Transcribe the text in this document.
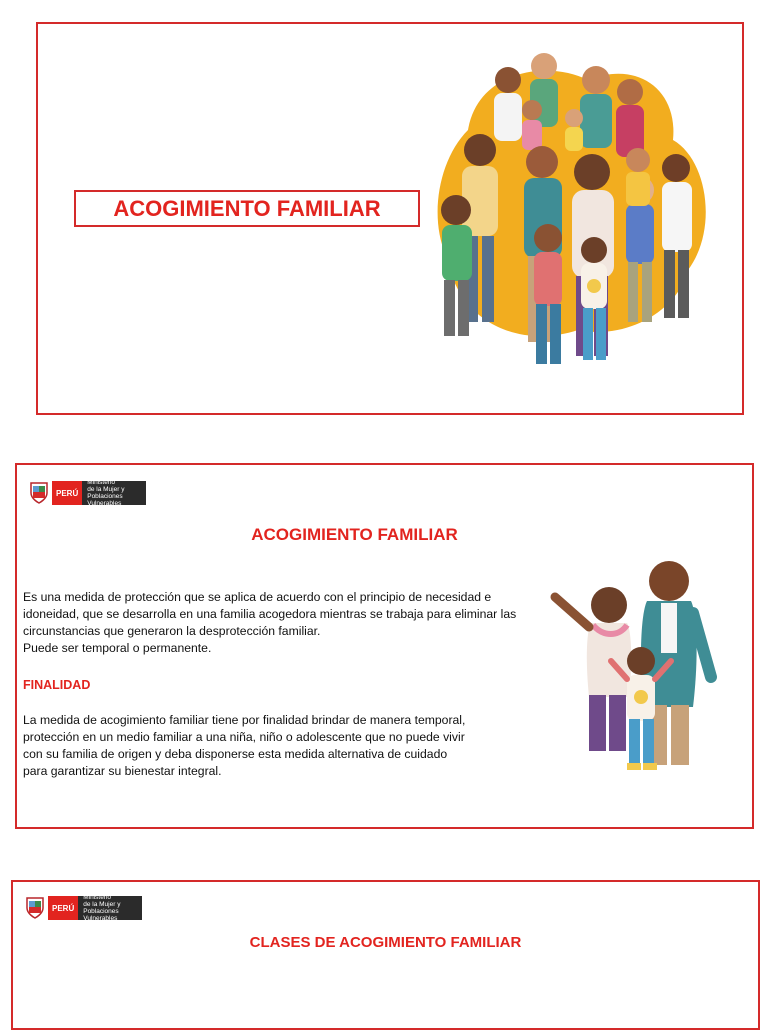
ACOGIMIENTO FAMILIAR
PERÚ
Ministerio
de la Mujer y
Poblaciones Vulnerables
ACOGIMIENTO FAMILIAR
Es una medida de protección que se aplica de acuerdo con el principio de necesidad e idoneidad, que se desarrolla en una familia acogedora mientras se trabaja para eliminar las circunstancias que generaron la desprotección familiar.
Puede ser temporal o permanente.
FINALIDAD
La medida de acogimiento familiar tiene por finalidad brindar de manera temporal, protección en un medio familiar a una niña, niño o adolescente que no puede vivir con su familia de origen y deba disponerse esta medida alternativa de cuidado para garantizar su bienestar integral.
PERÚ
Ministerio
de la Mujer y
Poblaciones Vulnerables
CLASES DE ACOGIMIENTO FAMILIAR
